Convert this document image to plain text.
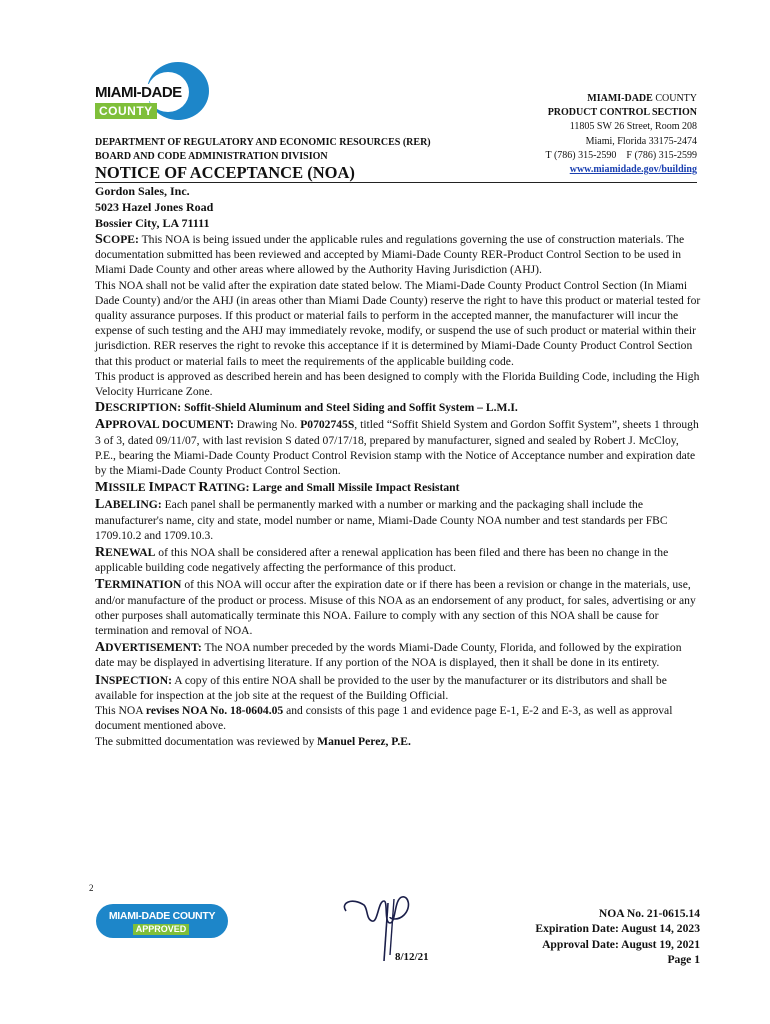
MIAMI-DADE
COUNTY
MIAMI-DADE COUNTY
PRODUCT CONTROL SECTION
11805 SW 26 Street, Room 208
Miami, Florida 33175-2474
T (786) 315-2590    F (786) 315-2599
www.miamidade.gov/building
DEPARTMENT OF REGULATORY AND ECONOMIC RESOURCES (RER)
BOARD AND CODE ADMINISTRATION DIVISION
NOTICE OF ACCEPTANCE (NOA)
Gordon Sales, Inc.
5023 Hazel Jones Road
Bossier City, LA 71111

SCOPE: This NOA is being issued under the applicable rules and regulations governing the use of construction materials. The documentation submitted has been reviewed and accepted by Miami-Dade County RER-Product Control Section to be used in Miami Dade County and other areas where allowed by the Authority Having Jurisdiction (AHJ).

This NOA shall not be valid after the expiration date stated below. The Miami-Dade County Product Control Section (In Miami Dade County) and/or the AHJ (in areas other than Miami Dade County) reserve the right to have this product or material tested for quality assurance purposes. If this product or material fails to perform in the accepted manner, the manufacturer will incur the expense of such testing and the AHJ may immediately revoke, modify, or suspend the use of such product or material within their jurisdiction. RER reserves the right to revoke this acceptance if it is determined by Miami-Dade County Product Control Section that this product or material fails to meet the requirements of the applicable building code.

This product is approved as described herein and has been designed to comply with the Florida Building Code, including the High Velocity Hurricane Zone.

DESCRIPTION: Soffit-Shield Aluminum and Steel Siding and Soffit System – L.M.I.

APPROVAL DOCUMENT: Drawing No. P0702745S, titled “Soffit Shield System and Gordon Soffit System”, sheets 1 through 3 of 3, dated 09/11/07, with last revision S dated 07/17/18, prepared by manufacturer, signed and sealed by Robert J. McCloy, P.E., bearing the Miami-Dade County Product Control Revision stamp with the Notice of Acceptance number and expiration date by the Miami-Dade County Product Control Section.

MISSILE IMPACT RATING: Large and Small Missile Impact Resistant

LABELING: Each panel shall be permanently marked with a number or marking and the packaging shall include the manufacturer's name, city and state, model number or name, Miami-Dade County NOA number and test standards per FBC 1709.10.2 and 1709.10.3.

RENEWAL of this NOA shall be considered after a renewal application has been filed and there has been no change in the applicable building code negatively affecting the performance of this product.

TERMINATION of this NOA will occur after the expiration date or if there has been a revision or change in the materials, use, and/or manufacture of the product or process. Misuse of this NOA as an endorsement of any product, for sales, advertising or any other purposes shall automatically terminate this NOA. Failure to comply with any section of this NOA shall be cause for termination and removal of NOA.

ADVERTISEMENT: The NOA number preceded by the words Miami-Dade County, Florida, and followed by the expiration date may be displayed in advertising literature. If any portion of the NOA is displayed, then it shall be done in its entirety.

INSPECTION: A copy of this entire NOA shall be provided to the user by the manufacturer or its distributors and shall be available for inspection at the job site at the request of the Building Official.

This NOA revises NOA No. 18-0604.05 and consists of this page 1 and evidence page E-1, E-2 and E-3, as well as approval document mentioned above.

The submitted documentation was reviewed by Manuel Perez, P.E.

2
MIAMI-DADE COUNTY
APPROVED
8/12/21
NOA No. 21-0615.14
Expiration Date: August 14, 2023
Approval Date: August 19, 2021
Page 1
